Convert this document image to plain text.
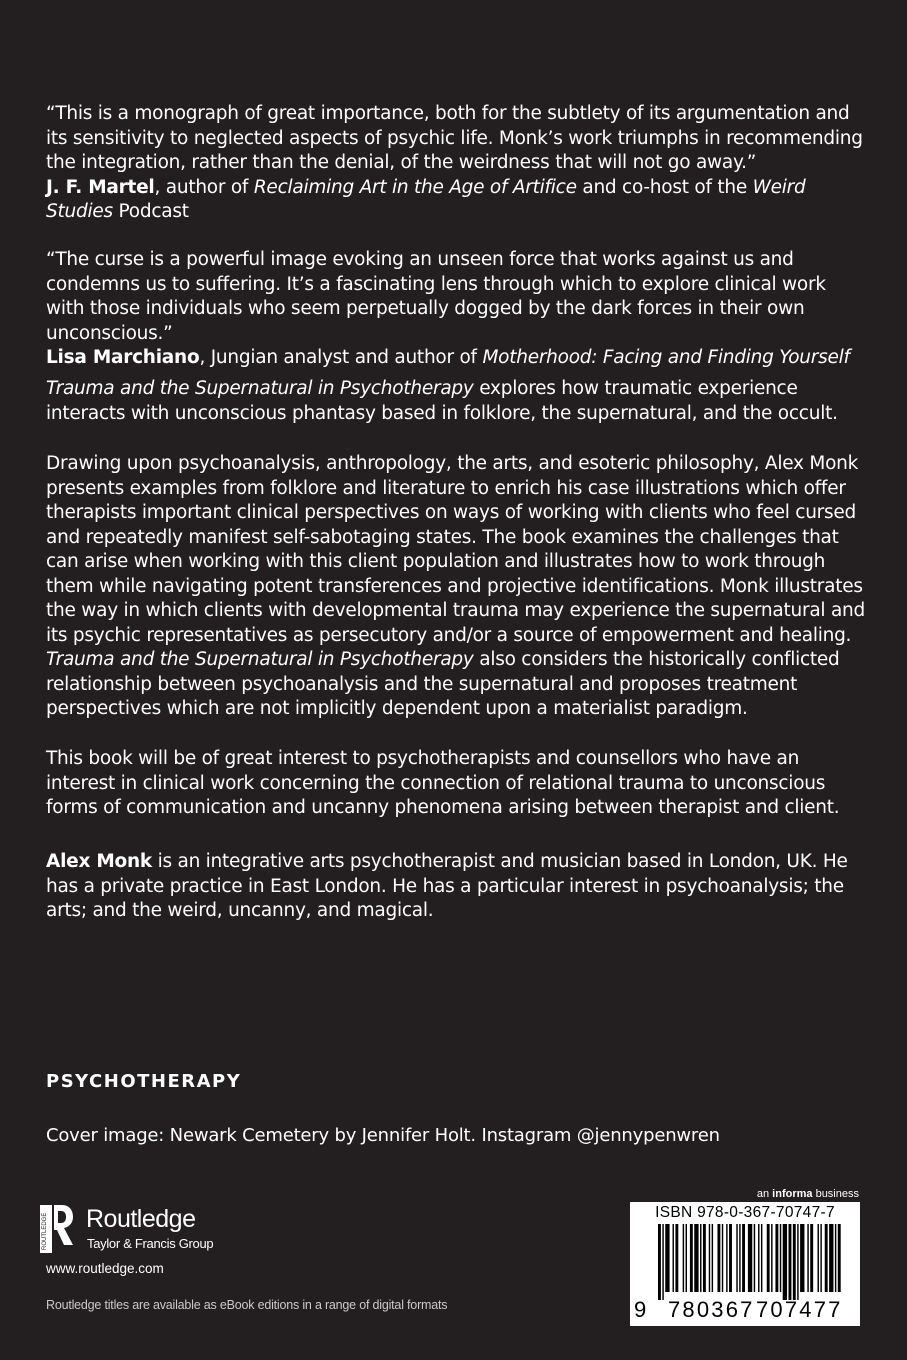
“This is a monograph of great importance, both for the subtlety of its argumentation and its sensitivity to neglected aspects of psychic life. Monk’s work triumphs in recommending the integration, rather than the denial, of the weirdness that will not go away.”
J. F. Martel, author of Reclaiming Art in the Age of Artifice and co-host of the Weird Studies Podcast

“The curse is a powerful image evoking an unseen force that works against us and condemns us to suffering. It’s a fascinating lens through which to explore clinical work with those individuals who seem perpetually dogged by the dark forces in their own unconscious.”
Lisa Marchiano, Jungian analyst and author of Motherhood: Facing and Finding Yourself

Trauma and the Supernatural in Psychotherapy explores how traumatic experience interacts with unconscious phantasy based in folklore, the supernatural, and the occult.

Drawing upon psychoanalysis, anthropology, the arts, and esoteric philosophy, Alex Monk presents examples from folklore and literature to enrich his case illustrations which offer therapists important clinical perspectives on ways of working with clients who feel cursed and repeatedly manifest self-sabotaging states. The book examines the challenges that can arise when working with this client population and illustrates how to work through them while navigating potent transferences and projective identifications. Monk illustrates the way in which clients with developmental trauma may experience the supernatural and its psychic representatives as persecutory and/or a source of empowerment and healing. Trauma and the Supernatural in Psychotherapy also considers the historically conflicted relationship between psychoanalysis and the supernatural and proposes treatment perspectives which are not implicitly dependent upon a materialist paradigm.

This book will be of great interest to psychotherapists and counsellors who have an interest in clinical work concerning the connection of relational trauma to unconscious forms of communication and uncanny phenomena arising between therapist and client.

Alex Monk is an integrative arts psychotherapist and musician based in London, UK. He has a private practice in East London. He has a particular interest in psychoanalysis; the arts; and the weird, uncanny, and magical.

PSYCHOTHERAPY
Cover image: Newark Cemetery by Jennifer Holt. Instagram @jennypenwren
ROUTLEDGE Routledge
Taylor & Francis Group
www.routledge.com
Routledge titles are available as eBook editions in a range of digital formats
an informa business
ISBN 978-0-367-70747-7
9 780367 707477
